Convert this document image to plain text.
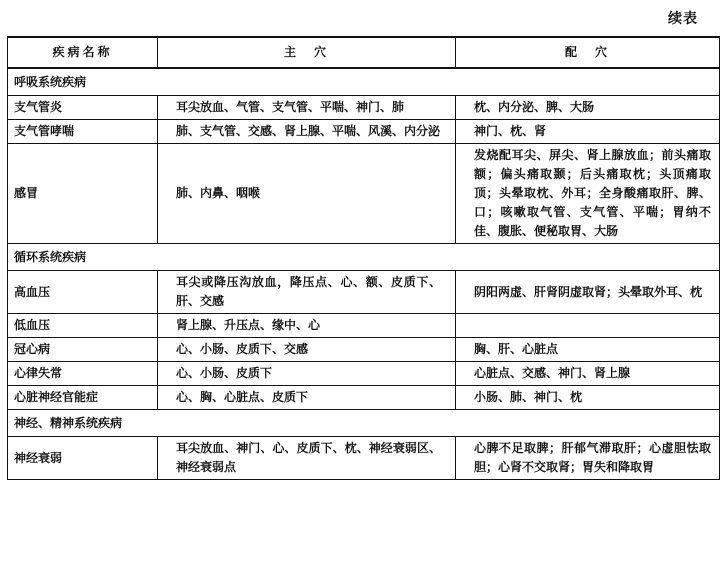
续表
疾病名称	主　穴	配　穴
呼吸系统疾病		
支气管炎	耳尖放血、气管、支气管、平喘、神门、肺	枕、内分泌、脾、大肠
支气管哮喘	肺、支气管、交感、肾上腺、平喘、风溪、内分泌	神门、枕、肾
感冒	肺、内鼻、咽喉	发烧配耳尖、屏尖、肾上腺放血；前头痛取额；偏头痛取颞；后头痛取枕；头顶痛取顶；头晕取枕、外耳；全身酸痛取肝、脾、口；咳嗽取气管、支气管、平喘；胃纳不佳、腹胀、便秘取胃、大肠
循环系统疾病		
高血压	耳尖或降压沟放血，降压点、心、额、皮质下、肝、交感	阴阳两虚、肝肾阴虚取肾；头晕取外耳、枕
低血压	肾上腺、升压点、缘中、心	
冠心病	心、小肠、皮质下、交感	胸、肝、心脏点
心律失常	心、小肠、皮质下	心脏点、交感、神门、肾上腺
心脏神经官能症	心、胸、心脏点、皮质下	小肠、肺、神门、枕
神经、精神系统疾病		
神经衰弱	耳尖放血、神门、心、皮质下、枕、神经衰弱区、神经衰弱点	心脾不足取脾；肝郁气滞取肝；心虚胆怯取胆；心肾不交取肾；胃失和降取胃
